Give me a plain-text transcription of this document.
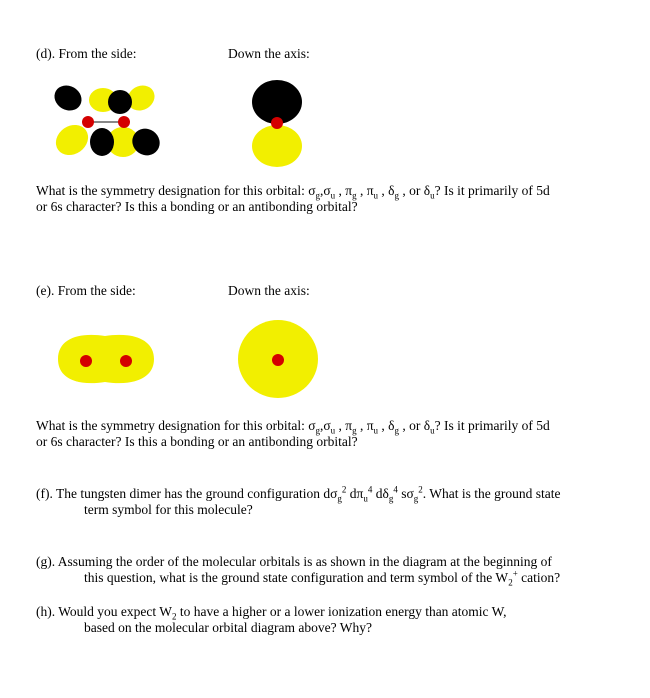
(d). From the side:	Down the axis:
What is the symmetry designation for this orbital: $\sigma_g,\sigma_u$ , $\pi_g$ , $\pi_u$ , $\delta_g$ , or $\delta_u$? Is it primarily of 5d
or 6s character? Is this a bonding or an antibonding orbital?
(e). From the side:	Down the axis:
What is the symmetry designation for this orbital: $\sigma_g,\sigma_u$ , $\pi_g$ , $\pi_u$ , $\delta_g$ , or $\delta_u$? Is it primarily of 5d
or 6s character? Is this a bonding or an antibonding orbital?
(f). The tungsten dimer has the ground configuration $d\sigma_g^2$ $d\pi_u^4$ $d\delta_g^4$ $s\sigma_g^2$. What is the ground state
term symbol for this molecule?
(g). Assuming the order of the molecular orbitals is as shown in the diagram at the beginning of
this question, what is the ground state configuration and term symbol of the $W_2^+$ cation?
(h). Would you expect $W_2$ to have a higher or a lower ionization energy than atomic W,
based on the molecular orbital diagram above? Why?
